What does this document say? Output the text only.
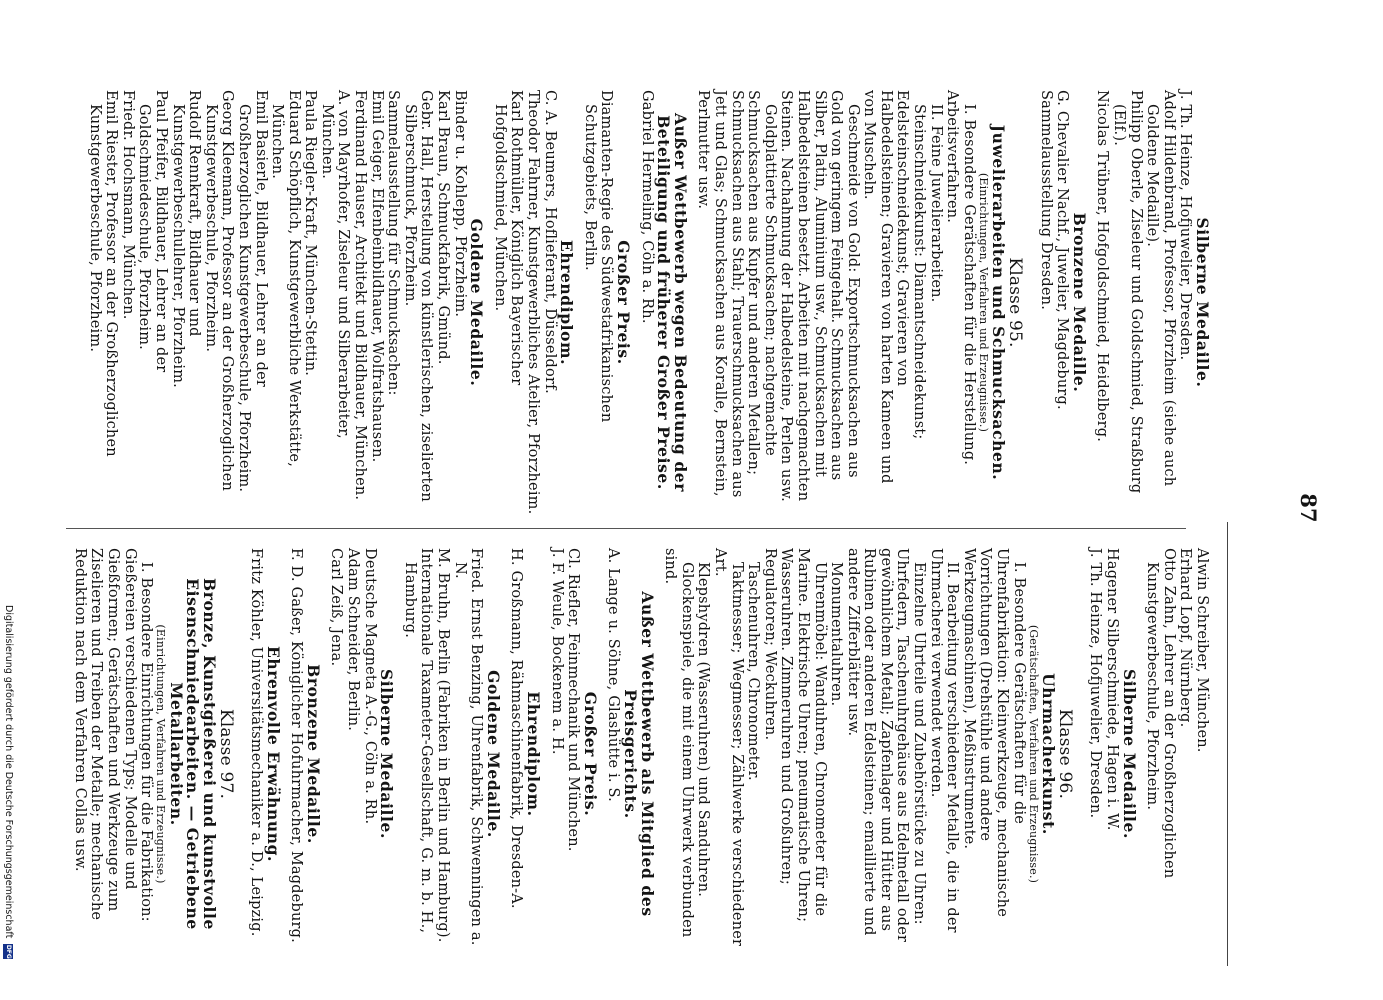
87

Silberne Medaille.

J. Th. Heinze, Hofjuwelier, Dresden.

Adolf Hildenbrand, Professor, Pforzheim (siehe auch Goldene Medaille).

Philipp Oberle, Ziseleur und Goldschmied, Straßburg (Elf.).

Nicolas Trübner, Hofgoldschmied, Heidelberg.

Bronzene Medaille.

G. Chevalier Nachf., Juwelier, Magdeburg.

Sammelausstellung Dresden.

Klasse 95.

Juwelierarbeiten und Schmucksachen.

(Einrichtungen, Verfahren und Erzeugnisse.)

I. Besondere Gerätschaften für die Herstellung. Arbeitsverfahren.

II. Feine Juwelierarbeiten.

Steinschneidekunst: Diamantschneidekunst; Edelsteinschneidekunst; Gravieren von Halbedelsteinen; Gravieren von harten Kameen und von Muscheln.

Geschmeide von Gold: Exportschmucksachen aus Gold von geringem Feingehalt. Schmucksachen aus Silber, Platin, Aluminium usw., Schmucksachen mit Halbedelsteinen besetzt. Arbeiten mit nachgemachten Steinen. Nachahmung der Halbedelsteine, Perlen usw.

Goldplattierte Schmucksachen; nachgemachte Schmucksachen aus Kupfer und anderen Metallen; Schmucksachen aus Stahl; Trauerschmucksachen aus Jett und Glas; Schmucksachen aus Koralle, Bernstein, Perlmutter usw.

Außer Wettbewerb wegen Bedeutung der Beteiligung und früherer Großer Preise.

Gabriel Hermeling, Cöln a. Rh.

Großer Preis.

Diamanten-Regie des Südwestafrikanischen Schutzgebiets, Berlin.

Ehrendiplom.

C. A. Beumers, Hoflieferant, Düsseldorf.

Theodor Fahrner, Kunstgewerbliches Atelier, Pforzheim.

Karl Rothmüller, Königlich Bayerischer Hofgoldschmied, München.

Goldene Medaille.

Binder u. Kohlepp, Pforzheim.

Karl Braun, Schmuckfabrik, Gmünd.

Gebr. Hall, Herstellung von künstlerischen, ziselierten Silberschmuck, Pforzheim.

Sammelausstellung für Schmucksachen:

Emil Geiger, Elfenbeinbildhauer, Wolfratshausen.

Ferdinand Hauser, Architekt und Bildhauer, München.

A. von Mayrhofer, Ziseleur und Silberarbeiter, München.

Paula Riegler-Kraft, München-Stettin.

Eduard Schöpflich, Kunstgewerbliche Werkstätte, München.

Emil Basierle, Bildhauer, Lehrer an der Großherzoglichen Kunstgewerbeschule, Pforzheim.

Georg Kleemann, Professor an der Großherzoglichen Kunstgewerbeschule, Pforzheim.

Rudolf Rennkraft, Bildhauer und Kunstgewerbeschullehrer, Pforzheim.

Paul Pfeifer, Bildhauer, Lehrer an der Goldschmiedeschule, Pforzheim.

Friedr. Hochsmann, München.

Emil Riester, Professor an der Großherzoglichen Kunstgewerbeschule, Pforzheim.

Alwin Schreiber, München.

Erhard Lopf, Nürnberg.

Otto Zahn, Lehrer an der Großherzoglichen Kunstgewerbeschule, Pforzheim.

Silberne Medaille.

Hagener Silberschmiede, Hagen i. W.

J. Th. Heinze, Hofjuwelier, Dresden.

Klasse 96.

Uhrmacherkunst.

(Gerätschaften, Verfahren und Erzeugnisse.)

I. Besondere Gerätschaften für die Uhrenfabrikation: Kleinwerkzeuge, mechanische Vorrichtungen (Drehstühle und andere Werkzeugmaschinen), Meßinstrumente.

II. Bearbeitung verschiedener Metalle, die in der Uhrmacherei verwendet werden.

Einzelne Uhrteile und Zubehörstücke zu Uhren: Uhrfedern, Taschenuhrgehäuse aus Edelmetall oder gewöhnlichem Metall; Zapfenlager und Hütter aus Rubinen oder anderen Edelsteinen; emaillierte und andere Zifferblätter usw.

Monumentaluhren.

Uhrenmöbel: Wanduhren, Chronometer für die Marine. Elektrische Uhren; pneumatische Uhren; Wasseruhren. Zimmeruhren und Großuhren; Regulatoren; Weckuhren.

Taschenuhren, Chronometer.

Taktmesser; Wegmesser; Zählwerke verschiedener Art.

Klepshydren (Wasseruhren) und Sanduhren.

Glockenspiele, die mit einem Uhrwerk verbunden sind.

Außer Wettbewerb als Mitglied des Preisgerichts.

A. Lange u. Söhne, Glashütte i. S.

Großer Preis.

Cl. Riefler, Feinmechanik und München.

J. F. Weule, Bockenem a. H.

Ehrendiplom.

H. Großmann, Rähmaschinenfabrik, Dresden-A.

Goldene Medaille.

Fried. Ernst Benzing, Uhrenfabrik, Schwenningen a. N.

M. Bruhn, Berlin (Fabriken in Berlin und Hamburg).

Internationale Taxameter-Gesellschaft, G. m. b. H., Hamburg.

Silberne Medaille.

Deutsche Magneta A.-G., Cöln a. Rh.

Adam Schneider, Berlin.

Carl Zeiß, Jena.

Bronzene Medaille.

F. D. Gaßer, Königlicher Hofuhrmacher, Magdeburg.

Ehrenvolle Erwähnung.

Fritz Köhler, Universitätsmechaniker a. D., Leipzig.

Klasse 97.

Bronze, Kunstgießerei und kunstvolle Eisenschmiedearbeiten. — Getriebene Metallarbeiten.

(Einrichtungen, Verfahren und Erzeugnisse.)

I. Besondere Einrichtungen für die Fabrikation: Gießereien verschiedenen Typs; Modelle und Gießformen; Gerätschaften und Werkzeuge zum Ziselieren und Treiben der Metalle; mechanische Reduktion nach dem Verfahren Collas usw.

Digitalisierung gefördert durch die Deutsche Forschungsgemeinschaft DFG
